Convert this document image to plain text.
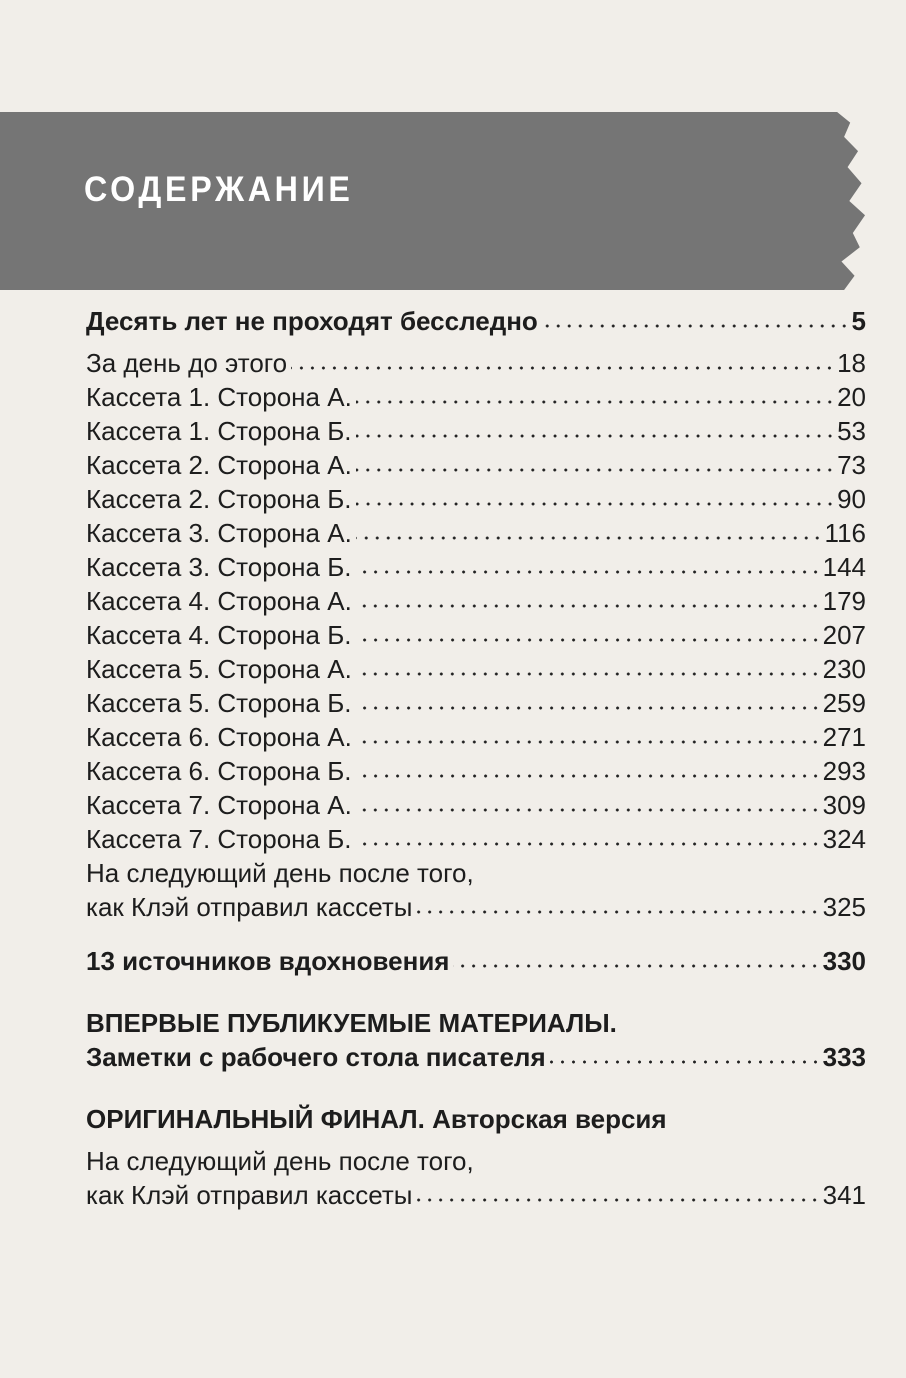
СОДЕРЖАНИЕ
Десять лет не проходят бесследно	5
За день до этого	18
Кассета 1. Сторона А.	20
Кассета 1. Сторона Б.	53
Кассета 2. Сторона А.	73
Кассета 2. Сторона Б.	90
Кассета 3. Сторона А.	116
Кассета 3. Сторона Б.	144
Кассета 4. Сторона А.	179
Кассета 4. Сторона Б.	207
Кассета 5. Сторона А.	230
Кассета 5. Сторона Б.	259
Кассета 6. Сторона А.	271
Кассета 6. Сторона Б.	293
Кассета 7. Сторона А.	309
Кассета 7. Сторона Б.	324
На следующий день после того,
как Клэй отправил кассеты	325
13 источников вдохновения	330
ВПЕРВЫЕ ПУБЛИКУЕМЫЕ МАТЕРИАЛЫ.
Заметки с рабочего стола писателя	333
ОРИГИНАЛЬНЫЙ ФИНАЛ. Авторская версия
На следующий день после того,
как Клэй отправил кассеты	341
